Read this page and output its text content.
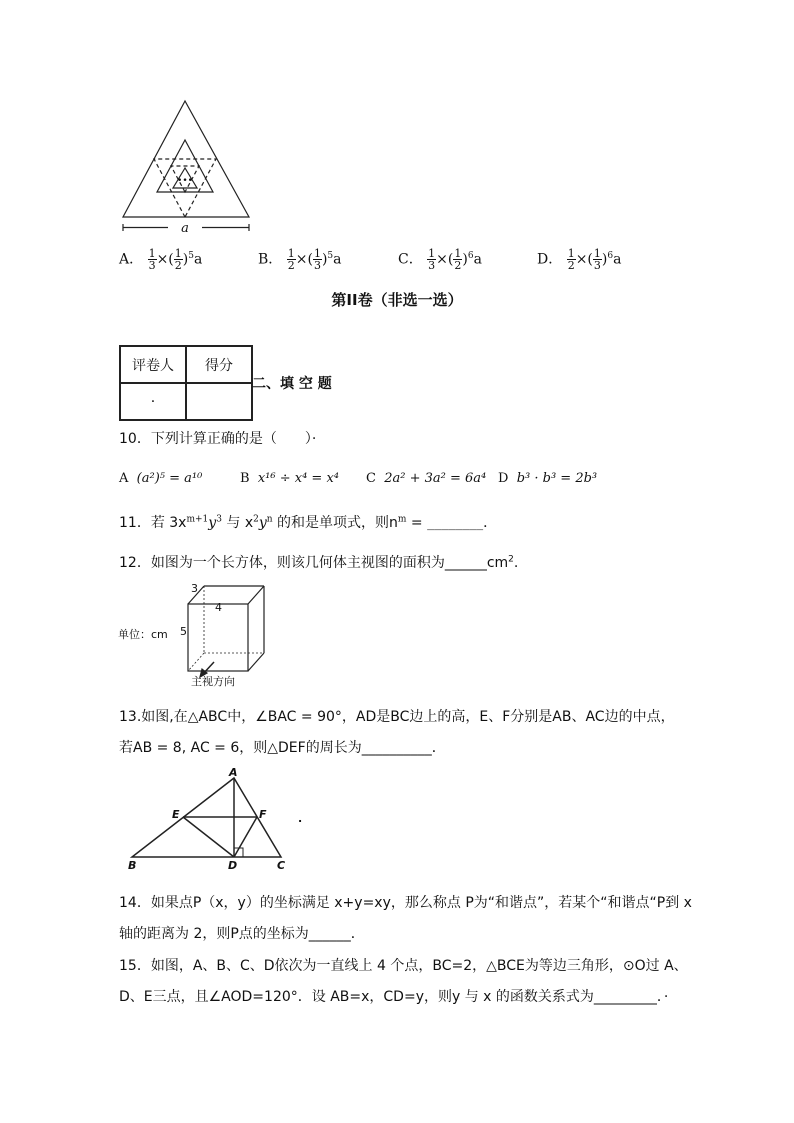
•••
a
A． $\frac{1}{3}$ ×( $\frac{1}{2} )^5a$	B． $\frac{1}{2}$ ×( $\frac{1}{3} )^5a$	C． $\frac{1}{3}$ ×( $\frac{1}{2} )^6a$	D． $\frac{1}{2}$ ×( $\frac{1}{3} )^6a$
第II卷（非选一选）
评卷人	得分
·	
二、填 空 题
10．下列计算正确的是（　　）·
A (a²)⁵ = a¹⁰	B x¹⁶ ÷ x⁴ = x⁴ C 2a² + 3a² = 6a⁴ D b³ · b³ = 2b³
11．若 $3x^{m+1}y^3$ 与 $x^2y^n$ 的和是单项式，则$n^m$ = ________．
12．如图为一个长方体，则该几何体主视图的面积为$\_\_\_\_\_\_cm^2$.
3
4
5
单位：cm
主视方向
13.如图,在△ABC中，∠BAC = 90°，AD是BC边上的高，E、F分别是AB、AC边的中点，
若AB = 8, AC = 6，则△DEF的周长为__________．
A
B	C
D
E	F	.
14．如果点P（x，y）的坐标满足 x+y=xy，那么称点 P为“和谐点”，若某个“和谐点“P到 x
轴的距离为 2，则P点的坐标为______．
15．如图，A、B、C、D依次为一直线上 4 个点，BC=2，△BCE为等边三角形，⊙O过 A、
D、E三点，且∠AOD=120°．设 AB=x，CD=y，则y 与 x 的函数关系式为_________．·
